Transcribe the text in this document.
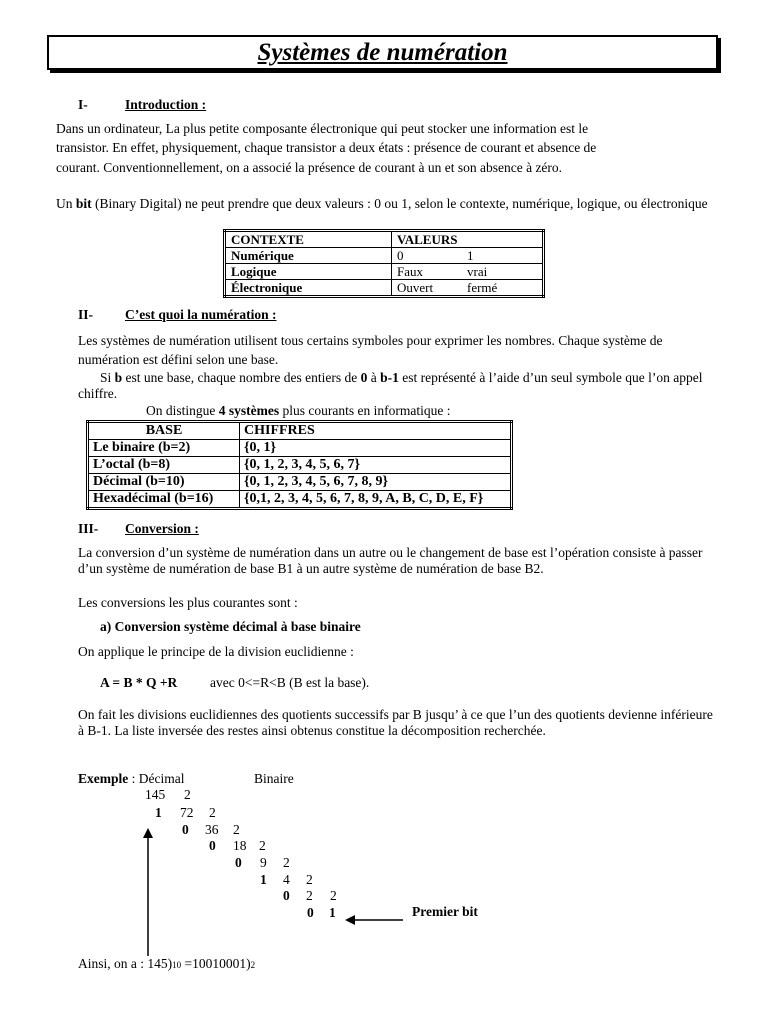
Systèmes de numération
I-	Introduction :
Dans un ordinateur, La plus petite composante électronique qui peut stocker une information est le
transistor. En effet, physiquement, chaque transistor a deux états : présence de courant et absence de
courant. Conventionnellement, on a associé la présence de courant à un et son absence à zéro.
Un bit (Binary Digital) ne peut prendre que deux valeurs : 0 ou 1, selon le contexte, numérique, logique, ou électronique
CONTEXTE	VALEURS
Numérique	0 1
Logique	Faux vrai
Électronique	Ouvert fermé
II- C’est quoi la numération :
Les systèmes de numération utilisent tous certains symboles pour exprimer les nombres. Chaque système de numération est défini selon une base.
Si b est une base, chaque nombre des entiers de 0 à b-1 est représenté à l’aide d’un seul symbole que l’on appel chiffre.
On distingue 4 systèmes plus courants en informatique :
BASE	CHIFFRES
Le binaire (b=2)	{0, 1}
L’octal (b=8)	{0, 1, 2, 3, 4, 5, 6, 7}
Décimal (b=10)	{0, 1, 2, 3, 4, 5, 6, 7, 8, 9}
Hexadécimal (b=16)	{0,1, 2, 3, 4, 5, 6, 7, 8, 9, A, B, C, D, E, F}
III- Conversion :
La conversion d’un système de numération dans un autre ou le changement de base est l’opération consiste à passer d’un système de numération de base B1 à un autre système de numération de base B2.
Les conversions les plus courantes sont :
a) Conversion système décimal à base binaire
On applique le principe de la division euclidienne :
A = B * Q +R avec 0<=R<B (B est la base).
On fait les divisions euclidiennes des quotients successifs par B jusqu’ à ce que l’un des quotients devienne inférieure à B-1. La liste inversée des restes ainsi obtenus constitue la décomposition recherchée.
Exemple : Décimal	Binaire
145 2
1 72 2
0 36 2
0 18 2
0 9 2
1 4 2
0 2 2
0 1	Premier bit
Ainsi, on a : 145)10 =10010001)2
